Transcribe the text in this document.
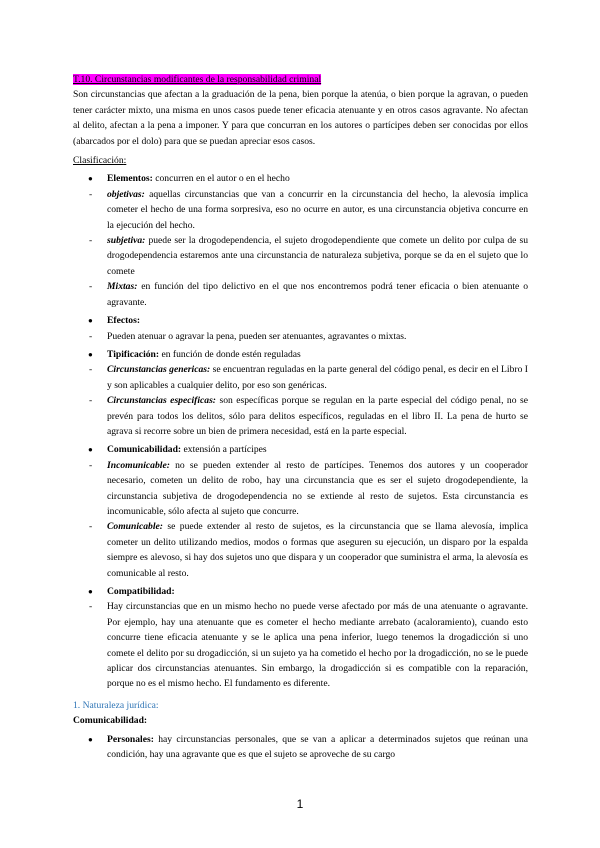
T.10. Circunstancias modificantes de la responsabilidad criminal

Son circunstancias que afectan a la graduación de la pena, bien porque la atenúa, o bien porque la agravan, o pueden tener carácter mixto, una misma en unos casos puede tener eficacia atenuante y en otros casos agravante. No afectan al delito, afectan a la pena a imponer. Y para que concurran en los autores o partícipes deben ser conocidas por ellos (abarcados por el dolo) para que se puedan apreciar esos casos.

Clasificación:

● Elementos: concurren en el autor o en el hecho
- objetivas: aquellas circunstancias que van a concurrir en la circunstancia del hecho, la alevosía implica cometer el hecho de una forma sorpresiva, eso no ocurre en autor, es una circunstancia objetiva concurre en la ejecución del hecho.
- subjetiva: puede ser la drogodependencia, el sujeto drogodependiente que comete un delito por culpa de su drogodependencia estaremos ante una circunstancia de naturaleza subjetiva, porque se da en el sujeto que lo comete
- Mixtas: en función del tipo delictivo en el que nos encontremos podrá tener eficacia o bien atenuante o agravante.
● Efectos:
- Pueden atenuar o agravar la pena, pueden ser atenuantes, agravantes o mixtas.
● Tipificación: en función de donde estén reguladas
- Circunstancias genericas: se encuentran reguladas en la parte general del código penal, es decir en el Libro I y son aplicables a cualquier delito, por eso son genéricas.
- Circunstancias especificas: son específicas porque se regulan en la parte especial del código penal, no se prevén para todos los delitos, sólo para delitos específicos, reguladas en el libro II. La pena de hurto se agrava si recorre sobre un bien de primera necesidad, está en la parte especial.
● Comunicabilidad: extensión a partícipes
- Incomunicable: no se pueden extender al resto de partícipes. Tenemos dos autores y un cooperador necesario, cometen un delito de robo, hay una circunstancia que es ser el sujeto drogodependiente, la circunstancia subjetiva de drogodependencia no se extiende al resto de sujetos. Esta circunstancia es incomunicable, sólo afecta al sujeto que concurre.
- Comunicable: se puede extender al resto de sujetos, es la circunstancia que se llama alevosía, implica cometer un delito utilizando medios, modos o formas que aseguren su ejecución, un disparo por la espalda siempre es alevoso, si hay dos sujetos uno que dispara y un cooperador que suministra el arma, la alevosía es comunicable al resto.
● Compatibilidad:
- Hay circunstancias que en un mismo hecho no puede verse afectado por más de una atenuante o agravante. Por ejemplo, hay una atenuante que es cometer el hecho mediante arrebato (acaloramiento), cuando esto concurre tiene eficacia atenuante y se le aplica una pena inferior, luego tenemos la drogadicción si uno comete el delito por su drogadicción, si un sujeto ya ha cometido el hecho por la drogadicción, no se le puede aplicar dos circunstancias atenuantes. Sin embargo, la drogadicción si es compatible con la reparación, porque no es el mismo hecho. El fundamento es diferente.

1. Naturaleza jurídica:

Comunicabilidad:

● Personales: hay circunstancias personales, que se van a aplicar a determinados sujetos que reúnan una condición, hay una agravante que es que el sujeto se aproveche de su cargo
1
